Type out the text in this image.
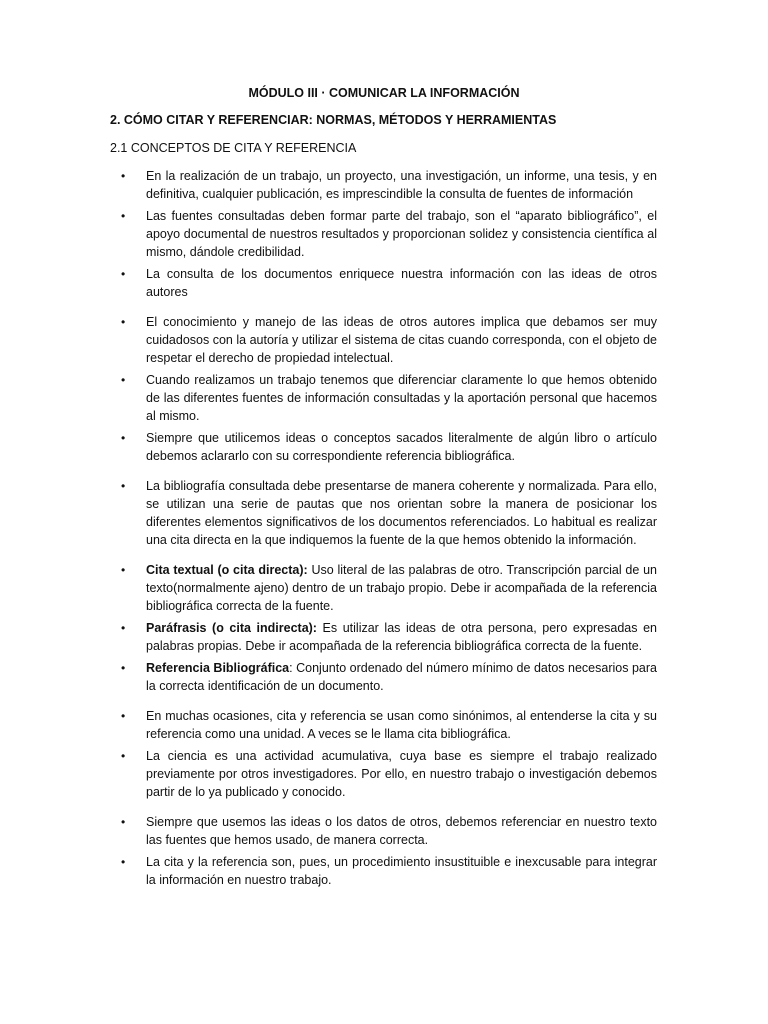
MÓDULO III · COMUNICAR LA INFORMACIÓN
2. CÓMO CITAR Y REFERENCIAR: NORMAS, MÉTODOS Y HERRAMIENTAS
2.1 CONCEPTOS DE CITA Y REFERENCIA
• En la realización de un trabajo, un proyecto, una investigación, un informe, una tesis, y en definitiva, cualquier publicación, es imprescindible la consulta de fuentes de información
• Las fuentes consultadas deben formar parte del trabajo, son el “aparato bibliográfico”, el apoyo documental de nuestros resultados y proporcionan solidez y consistencia científica al mismo, dándole credibilidad.
• La consulta de los documentos enriquece nuestra información con las ideas de otros autores
• El conocimiento y manejo de las ideas de otros autores implica que debamos ser muy cuidadosos con la autoría y utilizar el sistema de citas cuando corresponda, con el objeto de respetar el derecho de propiedad intelectual.
• Cuando realizamos un trabajo tenemos que diferenciar claramente lo que hemos obtenido de las diferentes fuentes de información consultadas y la aportación personal que hacemos al mismo.
• Siempre que utilicemos ideas o conceptos sacados literalmente de algún libro o artículo debemos aclararlo con su correspondiente referencia bibliográfica.
• La bibliografía consultada debe presentarse de manera coherente y normalizada. Para ello, se utilizan una serie de pautas que nos orientan sobre la manera de posicionar los diferentes elementos significativos de los documentos referenciados. Lo habitual es realizar una cita directa en la que indiquemos la fuente de la que hemos obtenido la información.
• Cita textual (o cita directa): Uso literal de las palabras de otro. Transcripción parcial de un texto(normalmente ajeno) dentro de un trabajo propio. Debe ir acompañada de la referencia bibliográfica correcta de la fuente.
• Paráfrasis (o cita indirecta): Es utilizar las ideas de otra persona, pero expresadas en palabras propias. Debe ir acompañada de la referencia bibliográfica correcta de la fuente.
• Referencia Bibliográfica: Conjunto ordenado del número mínimo de datos necesarios para la correcta identificación de un documento.
• En muchas ocasiones, cita y referencia se usan como sinónimos, al entenderse la cita y su referencia como una unidad. A veces se le llama cita bibliográfica.
• La ciencia es una actividad acumulativa, cuya base es siempre el trabajo realizado previamente por otros investigadores. Por ello, en nuestro trabajo o investigación debemos partir de lo ya publicado y conocido.
• Siempre que usemos las ideas o los datos de otros, debemos referenciar en nuestro texto las fuentes que hemos usado, de manera correcta.
• La cita y la referencia son, pues, un procedimiento insustituible e inexcusable para integrar la información en nuestro trabajo.
